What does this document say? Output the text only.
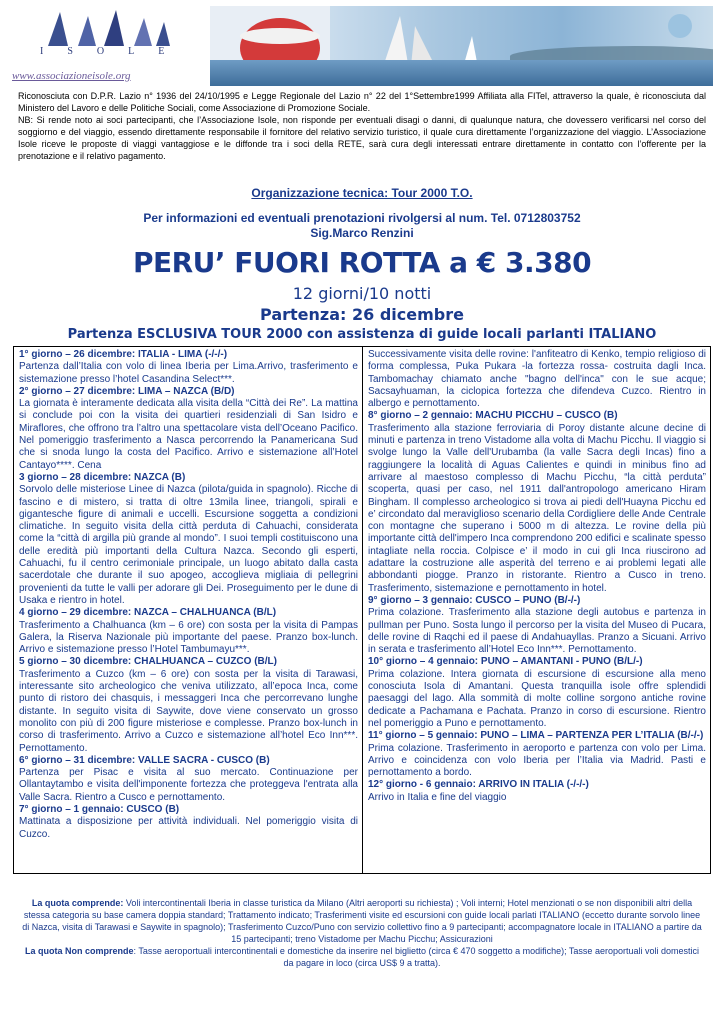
ISOLE
www.associazioneisole.org

Riconosciuta con D.P.R. Lazio n° 1936 del 24/10/1995 e Legge Regionale del Lazio n° 22 del 1°Settembre1999 Affiliata alla FITel, attraverso la quale, è riconosciuta dal Ministero del Lavoro e delle Politiche Sociali, come Associazione di Promozione Sociale.

NB: Si rende noto ai soci partecipanti, che l’Associazione Isole, non risponde per eventuali disagi o danni, di qualunque natura, che dovessero verificarsi nel corso del soggiorno e del viaggio, essendo direttamente responsabile il fornitore del relativo servizio turistico, il quale cura direttamente l’organizzazione del viaggio. L’Associazione Isole riceve le proposte di viaggi vantaggiose e le diffonde tra i soci della RETE, sarà cura degli interessati entrare direttamente in contatto con l’offerente per la prenotazione e il relativo pagamento.

Organizzazione tecnica: Tour 2000 T.O.
Per informazioni ed eventuali prenotazioni rivolgersi al num. Tel. 0712803752
Sig.Marco Renzini
PERU’ FUORI ROTTA a € 3.380
12 giorni/10 notti
Partenza: 26 dicembre
Partenza ESCLUSIVA TOUR 2000 con assistenza di guide locali parlanti ITALIANO

1° giorno – 26 dicembre: ITALIA - LIMA (-/-/-)
Partenza dall’Italia con volo di linea Iberia per Lima.Arrivo, trasferimento e sistemazione presso l’hotel Casandina Select***.

2° giorno – 27 dicembre: LIMA – NAZCA (B/D)
La giornata è interamente dedicata alla visita della “Città dei Re”. La mattina si conclude poi con la visita dei quartieri residenziali di San Isidro e Miraflores, che offrono tra l’altro una spettacolare vista dell’Oceano Pacifico. Nel pomeriggio trasferimento a Nasca percorrendo la Panamericana Sud che si snoda lungo la costa del Pacifico. Arrivo e sistemazione all’Hotel Cantayo****. Cena

3 giorno – 28 dicembre: NAZCA (B)
Sorvolo delle misteriose Linee di Nazca (pilota/guida in spagnolo). Ricche di fascino e di mistero, si tratta di oltre 13mila linee, triangoli, spirali e gigantesche figure di animali e uccelli. Escursione soggetta a condizioni climatiche. In seguito visita della città perduta di Cahuachi, considerata come la “città di argilla più grande al mondo”. I suoi templi costituiscono una delle eredità più importanti della Cultura Nazca. Secondo gli esperti, Cahuachi, fu il centro cerimoniale principale, un luogo abitato dalla casta sacerdotale che durante il suo apogeo, accoglieva migliaia di pellegrini provenienti da tutte le valli per adorare gli Dei. Proseguimento per le dune di Usaka e rientro in hotel.

4 giorno – 29 dicembre: NAZCA – CHALHUANCA (B/L)
Trasferimento a Chalhuanca (km – 6 ore) con sosta per la visita di Pampas Galera, la Riserva Nazionale più importante del paese. Pranzo box-lunch. Arrivo e sistemazione presso l’Hotel Tambumayu***.

5 giorno – 30 dicembre: CHALHUANCA – CUZCO (B/L)
Trasferimento a Cuzco (km – 6 ore) con sosta per la visita di Tarawasi, interessante sito archeologico che veniva utilizzato, all’epoca Inca, come punto di ristoro dei chasquis, i messaggeri Inca che percorrevano lunghe distante. In seguito visita di Saywite, dove viene conservato un grosso monolito con più di 200 figure misteriose e complesse. Pranzo box-lunch in corso di trasferimento. Arrivo a Cuzco e sistemazione all’hotel Eco Inn***. Pernottamento.

6° giorno – 31 dicembre: VALLE SACRA - CUSCO (B)
Partenza per Pisac e visita al suo mercato. Continuazione per Ollantaytambo e visita dell'imponente fortezza che proteggeva l'entrata alla Valle Sacra. Rientro a Cusco e pernottamento.

7° giorno – 1 gennaio: CUSCO (B)
Mattinata a disposizione per attività individuali. Nel pomeriggio visita di Cuzco.

Successivamente visita delle rovine: l'anfiteatro di Kenko, tempio religioso di forma complessa, Puka Pukara -la fortezza rossa- costruita dagli Inca. Tambomachay chiamato anche "bagno dell'inca" con le sue acque; Sacsayhuaman, la ciclopica fortezza che difendeva Cuzco. Rientro in albergo e pernottamento.

8° giorno – 2 gennaio: MACHU PICCHU – CUSCO (B)
Trasferimento alla stazione ferroviaria di Poroy distante alcune decine di minuti e partenza in treno Vistadome alla volta di Machu Picchu. Il viaggio si svolge lungo la Valle dell'Urubamba (la valle Sacra degli Incas) fino a raggiungere la località di Aguas Calientes e quindi in minibus fino ad arrivare al maestoso complesso di Machu Picchu, “la città perduta” scoperta, quasi per caso, nel 1911 dall'antropologo americano Hiram Bingham. Il complesso archeologico si trova ai piedi dell'Huayna Picchu ed e’ circondato dal meraviglioso scenario della Cordigliere delle Ande Centrale con montagne che superano i 5000 m di altezza. Le rovine della più importante città dell'impero Inca comprendono 200 edifici e scalinate spesso intagliate nella roccia. Colpisce e’ il modo in cui gli Inca riuscirono ad adattare la costruzione alle asperità del terreno e ai problemi legati alle abbondanti piogge. Pranzo in ristorante. Rientro a Cusco in treno. Trasferimento, sistemazione e pernottamento in hotel.

9° giorno – 3 gennaio: CUSCO – PUNO (B/-/-)
Prima colazione. Trasferimento alla stazione degli autobus e partenza in pullman per Puno. Sosta lungo il percorso per la visita del Museo di Pucara, delle rovine di Raqchi ed il paese di Andahuayllas. Pranzo a Sicuani. Arrivo in serata e trasferimento all’Hotel Eco Inn***. Pernottamento.

10° giorno – 4 gennaio: PUNO – AMANTANI - PUNO (B/L/-)
Prima colazione. Intera giornata di escursione di escursione alla meno conosciuta Isola di Amantani. Questa tranquilla isole offre splendidi paesaggi del lago. Alla sommità di molte colline sorgono antiche rovine dedicate a Pachamana e Pachata. Pranzo in corso di escursione. Rientro nel pomeriggio a Puno e pernottamento.

11° giorno – 5 gennaio: PUNO – LIMA – PARTENZA PER L’ITALIA (B/-/-)
Prima colazione. Trasferimento in aeroporto e partenza con volo per Lima. Arrivo e coincidenza con volo Iberia per l’Italia via Madrid. Pasti e pernottamento a bordo.

12° giorno - 6 gennaio: ARRIVO IN ITALIA (-/-/-)
Arrivo in Italia e fine del viaggio

La quota comprende: Voli intercontinentali Iberia in classe turistica da Milano (Altri aeroporti su richiesta) ; Voli interni; Hotel menzionati o se non disponibili altri della stessa categoria su base camera doppia standard; Trattamento indicato; Trasferimenti visite ed escursioni con guide locali parlati ITALIANO (eccetto durante sorvolo linee di Nazca, visita di Tarawasi e Saywite in spagnolo); Trasferimento Cuzco/Puno con servizio collettivo fino a 9 partecipanti; accompagnatore locale in ITALIANO a partire da 15 partecipanti; treno Vistadome per Machu Picchu; Assicurazioni

La quota Non comprende: Tasse aeroportuali intercontinentali e domestiche da inserire nel biglietto (circa € 470 soggetto a modifiche); Tasse aeroportuali voli domestici da pagare in loco (circa US$ 9 a tratta).
